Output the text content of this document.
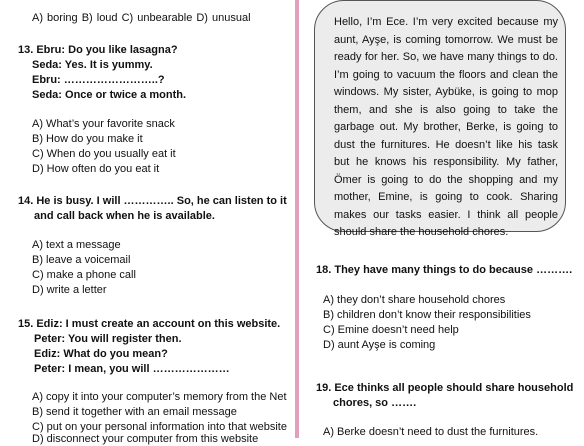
A) boring B) loud C) unbearable D) unusual
13. Ebru: Do you like lasagna?
Seda: Yes. It is yummy.
Ebru: ……………………..?
Seda: Once or twice a month.
A) What’s your favorite snack
B) How do you make it
C) When do you usually eat it
D) How often do you eat it
14. He is busy. I will ………….. So, he can listen to it
and call back when he is available.
A) text a message
B) leave a voicemail
C) make a phone call
D) write a letter
15. Ediz: I must create an account on this website.
Peter: You will register then.
Ediz: What do you mean?
Peter: I mean, you will …………………
A) copy it into your computer’s memory from the Net
B) send it together with an email message
C) put on your personal information into that website
D) disconnect your computer from this website
Hello, I’m Ece. I’m very excited because my aunt, Ayşe, is coming tomorrow. We must be ready for her. So, we have many things to do. I’m going to vacuum the floors and clean the windows. My sister, Aybüke, is going to mop them, and she is also going to take the garbage out. My brother, Berke, is going to dust the furnitures. He doesn’t like his task but he knows his responsibility. My father, Ömer is going to do the shopping and my mother, Emine, is going to cook. Sharing makes our tasks easier. I think all people should share the household chores.
18. They have many things to do because ……….
A) they don’t share household chores
B) children don’t know their responsibilities
C) Emine doesn’t need help
D) aunt Ayşe is coming
19. Ece thinks all people should share household
chores, so …….
A) Berke doesn’t need to dust the furnitures.
